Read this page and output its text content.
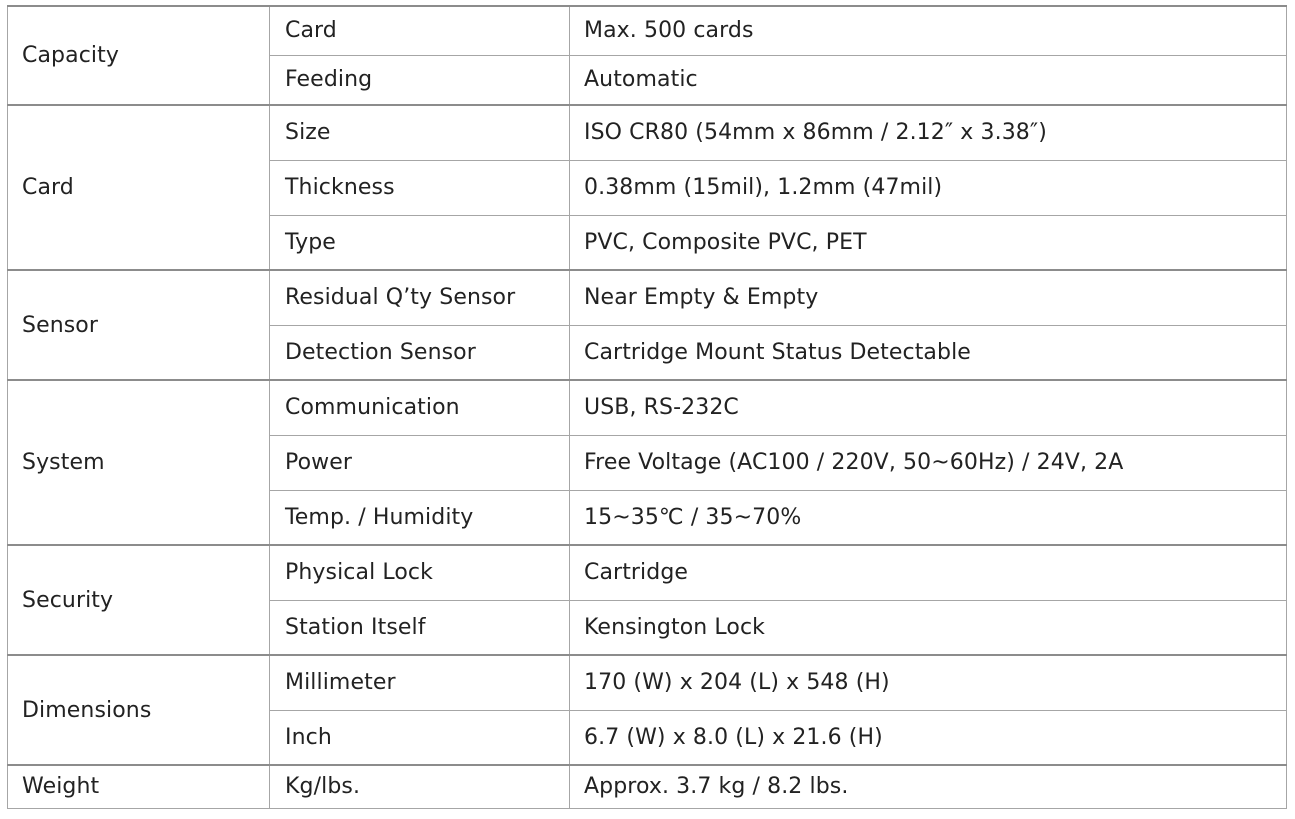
Capacity	Card	Max. 500 cards
	Feeding	Automatic
Card	Size	ISO CR80 (54mm x 86mm / 2.12″ x 3.38″)
	Thickness	0.38mm (15mil), 1.2mm (47mil)
	Type	PVC, Composite PVC, PET
Sensor	Residual Q’ty Sensor	Near Empty & Empty
	Detection Sensor	Cartridge Mount Status Detectable
System	Communication	USB, RS-232C
	Power	Free Voltage (AC100 / 220V, 50~60Hz) / 24V, 2A
	Temp. / Humidity	15~35℃ / 35~70%
Security	Physical Lock	Cartridge
	Station Itself	Kensington Lock
Dimensions	Millimeter	170 (W) x 204 (L) x 548 (H)
	Inch	6.7 (W) x 8.0 (L) x 21.6 (H)
Weight	Kg/lbs.	Approx. 3.7 kg / 8.2 lbs.
